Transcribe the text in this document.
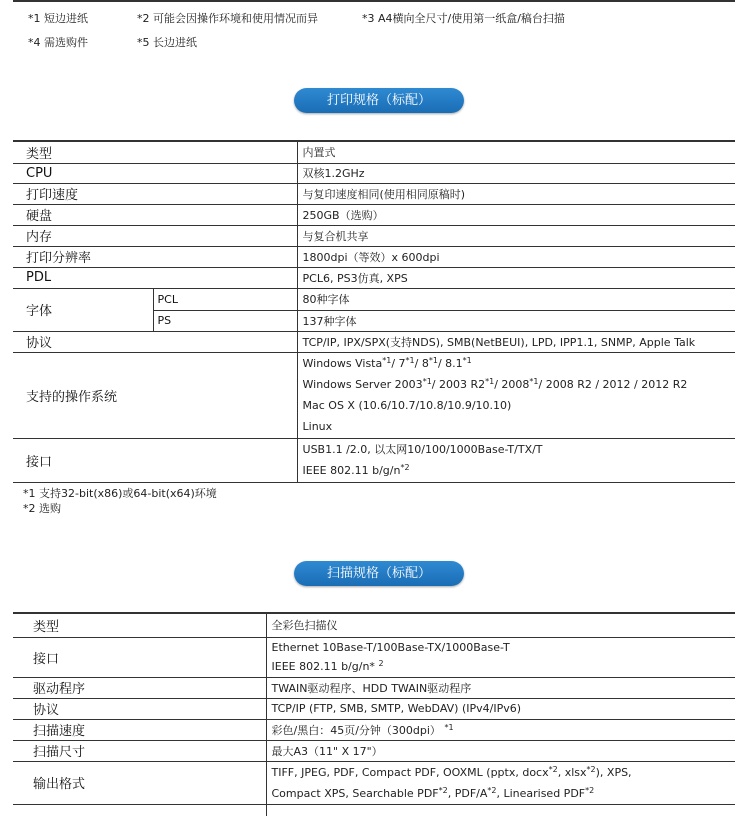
*1 短边进纸	*2 可能会因操作环境和使用情况而异	*3 A4横向全尺寸/使用第一纸盒/稿台扫描
*4 需选购件	*5 长边进纸
打印规格（标配）
类型		内置式
CPU		双核1.2GHz
打印速度		与复印速度相同(使用相同原稿时)
硬盘		250GB（选购）
内存		与复合机共享
打印分辨率		1800dpi（等效）x 600dpi
PDL		PCL6, PS3仿真, XPS
字体	PCL	80种字体
	PS	137种字体
协议		TCP/IP, IPX/SPX(支持NDS), SMB(NetBEUI), LPD, IPP1.1, SNMP, Apple Talk
支持的操作系统		Windows Vista$^{*1}$/ 7$^{*1}$/ 8$^{*1}$/ 8.1$^{*1}$
Windows Server 2003$^{*1}$/ 2003 R2$^{*1}$/ 2008$^{*1}$/ 2008 R2 / 2012 / 2012 R2
Mac OS X (10.6/10.7/10.8/10.9/10.10)
Linux

接口		USB1.1 /2.0, 以太网10/100/1000Base-T/TX/T
IEEE 802.11 $b/g/n^{*2}$
*1 支持32-bit(x86)或64-bit(x64)环境
*2 选购
扫描规格（标配）
类型	全彩色扫描仪
接口	Ethernet 10Base-T/100Base-TX/1000Base-T
IEEE 802.11 b/g/n* $^2$

驱动程序	TWAIN驱动程序、HDD TWAIN驱动程序
协议	TCP/IP (FTP, SMB, SMTP, WebDAV) (IPv4/IPv6)
扫描速度	彩色/黑白：45页/分钟（300dpi） $^{*1}$
扫描尺寸	最大A3（11" X 17"）
输出格式	TIFF, JPEG, PDF, Compact PDF, OOXML (pptx, docx$^{*2}$, xlsx$^{*2}$), XPS,
Compact XPS, Searchable PDF$^{*2}$, PDF/$A^{*2}$, Linearised PDF$^{*2}$
